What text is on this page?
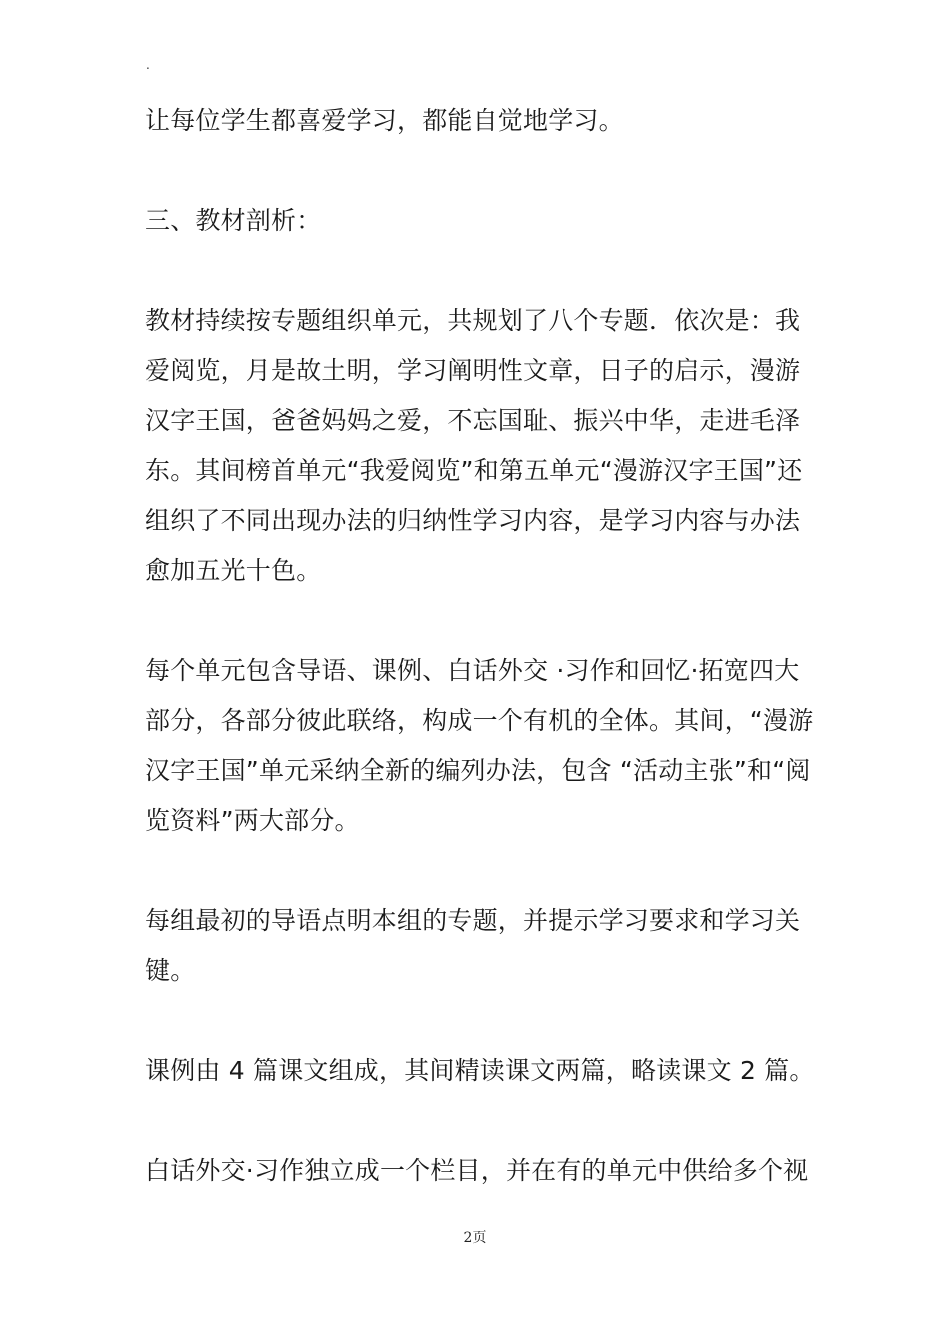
.
让每位学生都喜爱学习，都能自觉地学习。
三、教材剖析：
教材持续按专题组织单元，共规划了八个专题．依次是：我
爱阅览，月是故土明，学习阐明性文章，日子的启示，漫游
汉字王国，爸爸妈妈之爱，不忘国耻、振兴中华，走进毛泽
东。其间榜首单元“我爱阅览”和第五单元“漫游汉字王国”还
组织了不同出现办法的归纳性学习内容，是学习内容与办法
愈加五光十色。
每个单元包含导语、课例、白话外交 ·习作和回忆·拓宽四大
部分，各部分彼此联络，构成一个有机的全体。其间，“漫游
汉字王国”单元采纳全新的编列办法，包含 “活动主张”和“阅
览资料”两大部分。
每组最初的导语点明本组的专题，并提示学习要求和学习关
键。
课例由 4 篇课文组成，其间精读课文两篇，略读课文 2 篇。
白话外交·习作独立成一个栏目，并在有的单元中供给多个视
2页
